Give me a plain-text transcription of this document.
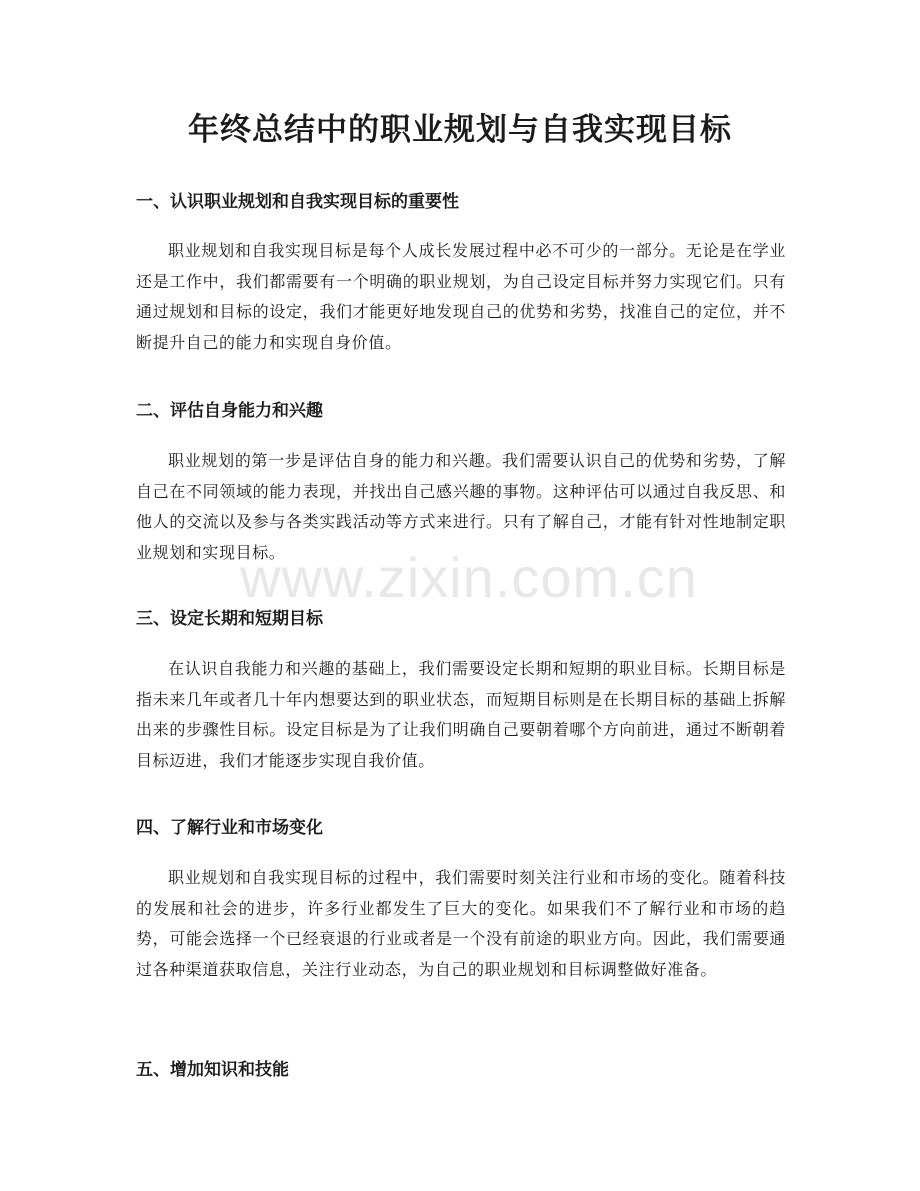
年终总结中的职业规划与自我实现目标
一、认识职业规划和自我实现目标的重要性

职业规划和自我实现目标是每个人成长发展过程中必不可少的一部分。无论是在学业还是工作中，我们都需要有一个明确的职业规划，为自己设定目标并努力实现它们。只有通过规划和目标的设定，我们才能更好地发现自己的优势和劣势，找准自己的定位，并不断提升自己的能力和实现自身价值。

二、评估自身能力和兴趣

职业规划的第一步是评估自身的能力和兴趣。我们需要认识自己的优势和劣势，了解自己在不同领域的能力表现，并找出自己感兴趣的事物。这种评估可以通过自我反思、和他人的交流以及参与各类实践活动等方式来进行。只有了解自己，才能有针对性地制定职业规划和实现目标。

三、设定长期和短期目标

在认识自我能力和兴趣的基础上，我们需要设定长期和短期的职业目标。长期目标是指未来几年或者几十年内想要达到的职业状态，而短期目标则是在长期目标的基础上拆解出来的步骤性目标。设定目标是为了让我们明确自己要朝着哪个方向前进，通过不断朝着目标迈进，我们才能逐步实现自我价值。

四、了解行业和市场变化

职业规划和自我实现目标的过程中，我们需要时刻关注行业和市场的变化。随着科技的发展和社会的进步，许多行业都发生了巨大的变化。如果我们不了解行业和市场的趋势，可能会选择一个已经衰退的行业或者是一个没有前途的职业方向。因此，我们需要通过各种渠道获取信息，关注行业动态，为自己的职业规划和目标调整做好准备。

五、增加知识和技能
www.zixin.com.cn
